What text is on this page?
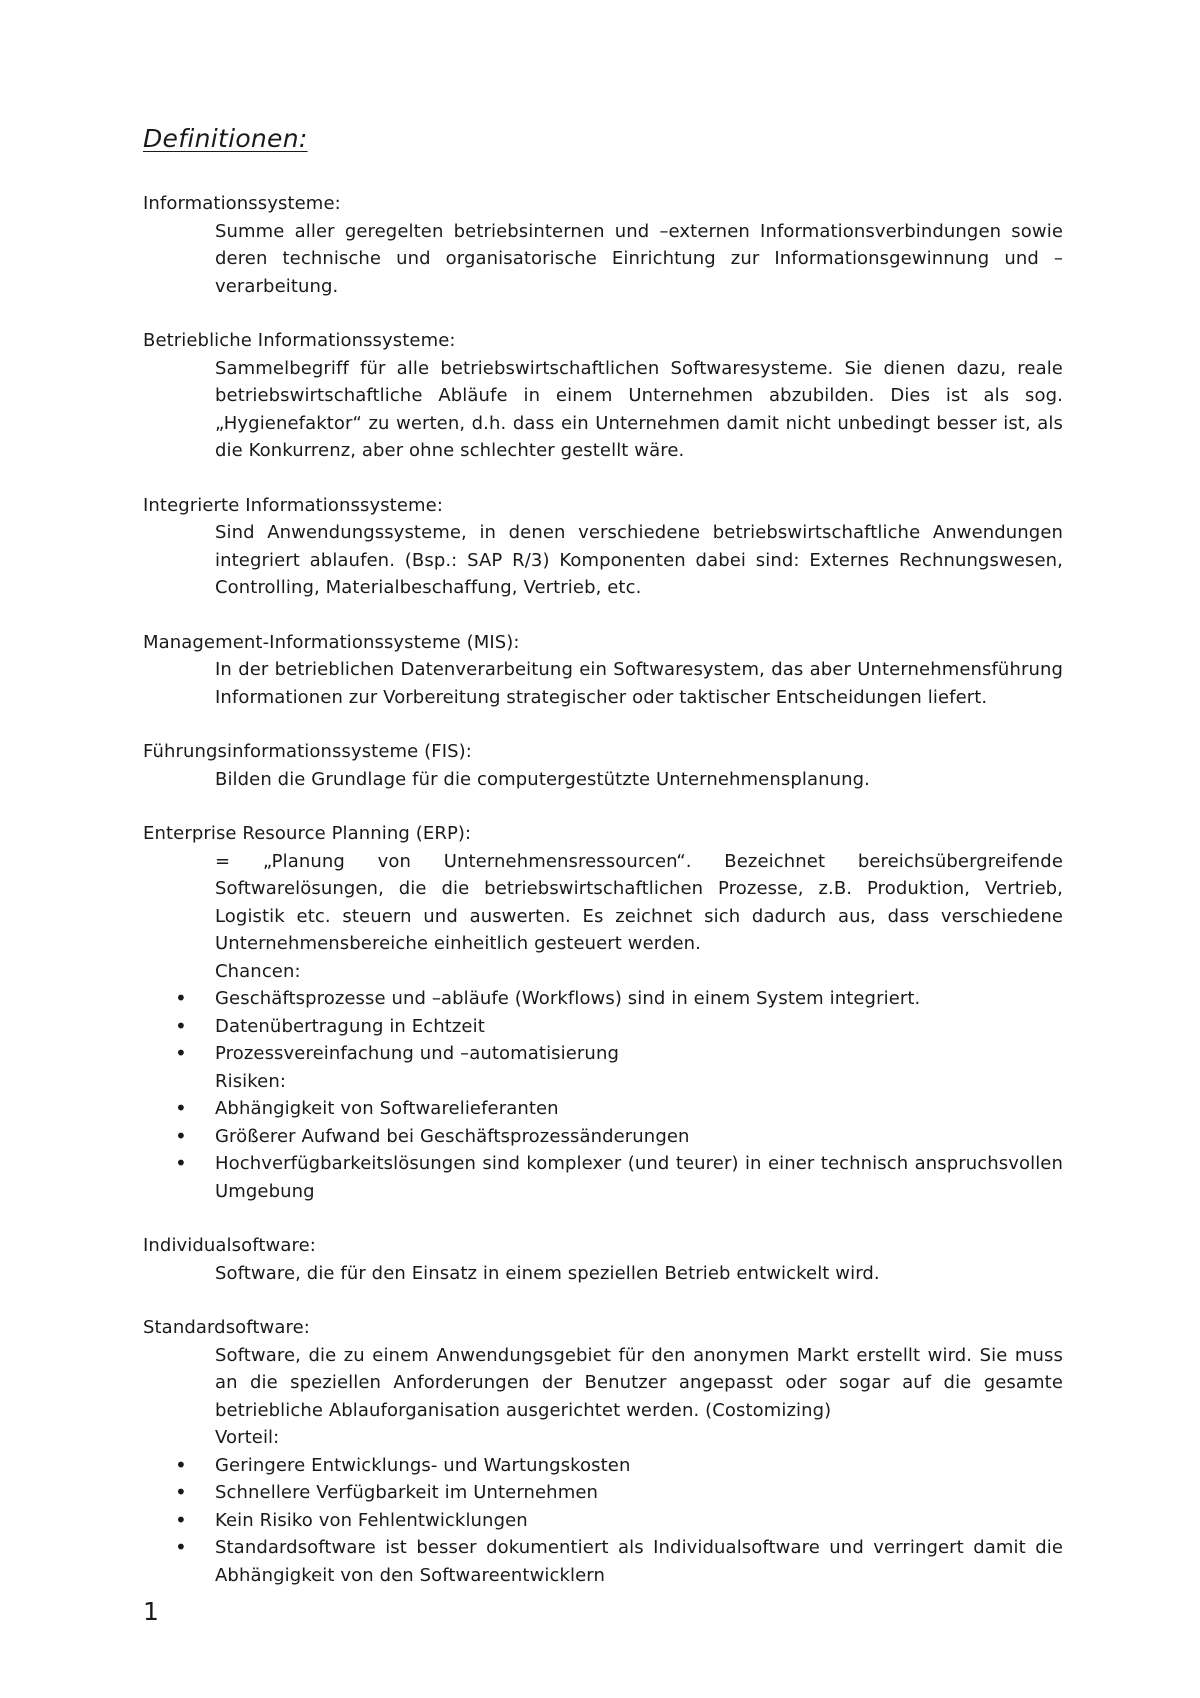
Definitionen:
Informationssysteme:

Summe aller geregelten betriebsinternen und –externen Informationsverbindungen sowie deren technische und organisatorische Einrichtung zur Informationsgewinnung und –verarbeitung.

Betriebliche Informationssysteme:

Sammelbegriff für alle betriebswirtschaftlichen Softwaresysteme. Sie dienen dazu, reale betriebswirtschaftliche Abläufe in einem Unternehmen abzubilden. Dies ist als sog. „Hygienefaktor“ zu werten, d.h. dass ein Unternehmen damit nicht unbedingt besser ist, als die Konkurrenz, aber ohne schlechter gestellt wäre.

Integrierte Informationssysteme:

Sind Anwendungssysteme, in denen verschiedene betriebswirtschaftliche Anwendungen integriert ablaufen. (Bsp.: SAP R/3) Komponenten dabei sind: Externes Rechnungswesen, Controlling, Materialbeschaffung, Vertrieb, etc.

Management-Informationssysteme (MIS):

In der betrieblichen Datenverarbeitung ein Softwaresystem, das aber Unternehmensführung Informationen zur Vorbereitung strategischer oder taktischer Entscheidungen liefert.

Führungsinformationssysteme (FIS):

Bilden die Grundlage für die computergestützte Unternehmensplanung.

Enterprise Resource Planning (ERP):

= „Planung von Unternehmensressourcen“. Bezeichnet bereichsübergreifende Softwarelösungen, die die betriebswirtschaftlichen Prozesse, z.B. Produktion, Vertrieb, Logistik etc. steuern und auswerten. Es zeichnet sich dadurch aus, dass verschiedene Unternehmensbereiche einheitlich gesteuert werden.

Chancen:
• Geschäftsprozesse und –abläufe (Workflows) sind in einem System integriert.
• Datenübertragung in Echtzeit
• Prozessvereinfachung und –automatisierung
Risiken:
• Abhängigkeit von Softwarelieferanten
• Größerer Aufwand bei Geschäftsprozessänderungen
• Hochverfügbarkeitslösungen sind komplexer (und teurer) in einer technisch anspruchsvollen Umgebung
Individualsoftware:

Software, die für den Einsatz in einem speziellen Betrieb entwickelt wird.

Standardsoftware:

Software, die zu einem Anwendungsgebiet für den anonymen Markt erstellt wird. Sie muss an die speziellen Anforderungen der Benutzer angepasst oder sogar auf die gesamte betriebliche Ablauforganisation ausgerichtet werden. (Costomizing)

Vorteil:
• Geringere Entwicklungs- und Wartungskosten
• Schnellere Verfügbarkeit im Unternehmen
• Kein Risiko von Fehlentwicklungen
• Standardsoftware ist besser dokumentiert als Individualsoftware und verringert damit die Abhängigkeit von den Softwareentwicklern
1
